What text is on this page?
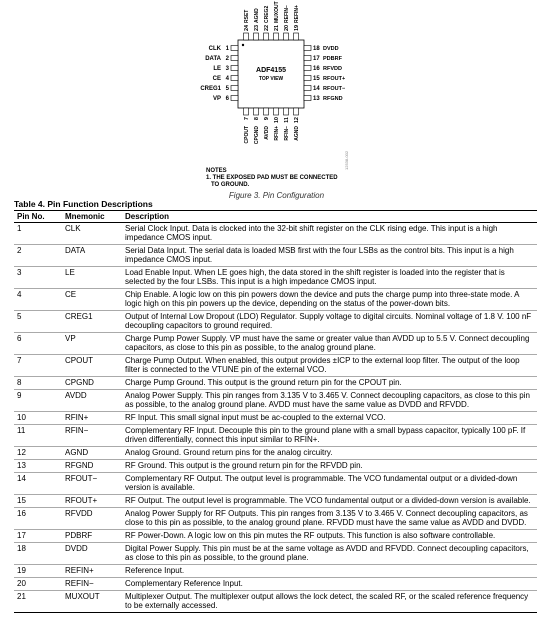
ADF4155
TOP VIEW
1
CLK
2
DATA
3
LE
4
CE
5
CREG1
6
VP
18 DVDD
17 PDBRF
16 RFVDD
15 RFOUT+
14 RFOUT−
13 RFGND
24
RSET
23
AGND
22
CREG2
21
MUXOUT
20
REFIN−
19
REFIN+
7
CPOUT
8
CPGND
9
AVDD
10
RFIN+
11
RFIN−
12
AGND
NOTES
1. THE EXPOSED PAD MUST BE CONNECTED
TO GROUND.
12538-002
Figure 3. Pin Configuration
Table 4. Pin Function Descriptions
Pin No.	Mnemonic	Description
1	CLK	Serial Clock Input. Data is clocked into the 32-bit shift register on the CLK rising edge. This input is a high impedance CMOS input.
2	DATA	Serial Data Input. The serial data is loaded MSB first with the four LSBs as the control bits. This input is a high impedance CMOS input.
3	LE	Load Enable Input. When LE goes high, the data stored in the shift register is loaded into the register that is selected by the four LSBs. This input is a high impedance CMOS input.
4	CE	Chip Enable. A logic low on this pin powers down the device and puts the charge pump into three-state mode. A logic high on this pin powers up the device, depending on the status of the power-down bits.
5	CREG1	Output of Internal Low Dropout (LDO) Regulator. Supply voltage to digital circuits. Nominal voltage of 1.8 V. 100 nF decoupling capacitors to ground required.
6	VP	Charge Pump Power Supply. VP must have the same or greater value than AVDD up to 5.5 V. Connect decoupling capacitors, as close to this pin as possible, to the analog ground plane.
7	CPOUT	Charge Pump Output. When enabled, this output provides ±ICP to the external loop filter. The output of the loop filter is connected to the VTUNE pin of the external VCO.
8	CPGND	Charge Pump Ground. This output is the ground return pin for the CPOUT pin.
9	AVDD	Analog Power Supply. This pin ranges from 3.135 V to 3.465 V. Connect decoupling capacitors, as close to this pin as possible, to the analog ground plane. AVDD must have the same value as DVDD and RFVDD.
10	RFIN+	RF Input. This small signal input must be ac-coupled to the external VCO.
11	RFIN−	Complementary RF Input. Decouple this pin to the ground plane with a small bypass capacitor, typically 100 pF. If driven differentially, connect this input similar to RFIN+.
12	AGND	Analog Ground. Ground return pins for the analog circuitry.
13	RFGND	RF Ground. This output is the ground return pin for the RFVDD pin.
14	RFOUT−	Complementary RF Output. The output level is programmable. The VCO fundamental output or a divided-down version is available.
15	RFOUT+	RF Output. The output level is programmable. The VCO fundamental output or a divided-down version is available.
16	RFVDD	Analog Power Supply for RF Outputs. This pin ranges from 3.135 V to 3.465 V. Connect decoupling capacitors, as close to this pin as possible, to the analog ground plane. RFVDD must have the same value as AVDD and DVDD.
17	PDBRF	RF Power-Down. A logic low on this pin mutes the RF outputs. This function is also software controllable.
18	DVDD	Digital Power Supply. This pin must be at the same voltage as AVDD and RFVDD. Connect decoupling capacitors, as close to this pin as possible, to the ground plane.
19	REFIN+	Reference Input.
20	REFIN−	Complementary Reference Input.
21	MUXOUT	Multiplexer Output. The multiplexer output allows the lock detect, the scaled RF, or the scaled reference frequency to be externally accessed.
